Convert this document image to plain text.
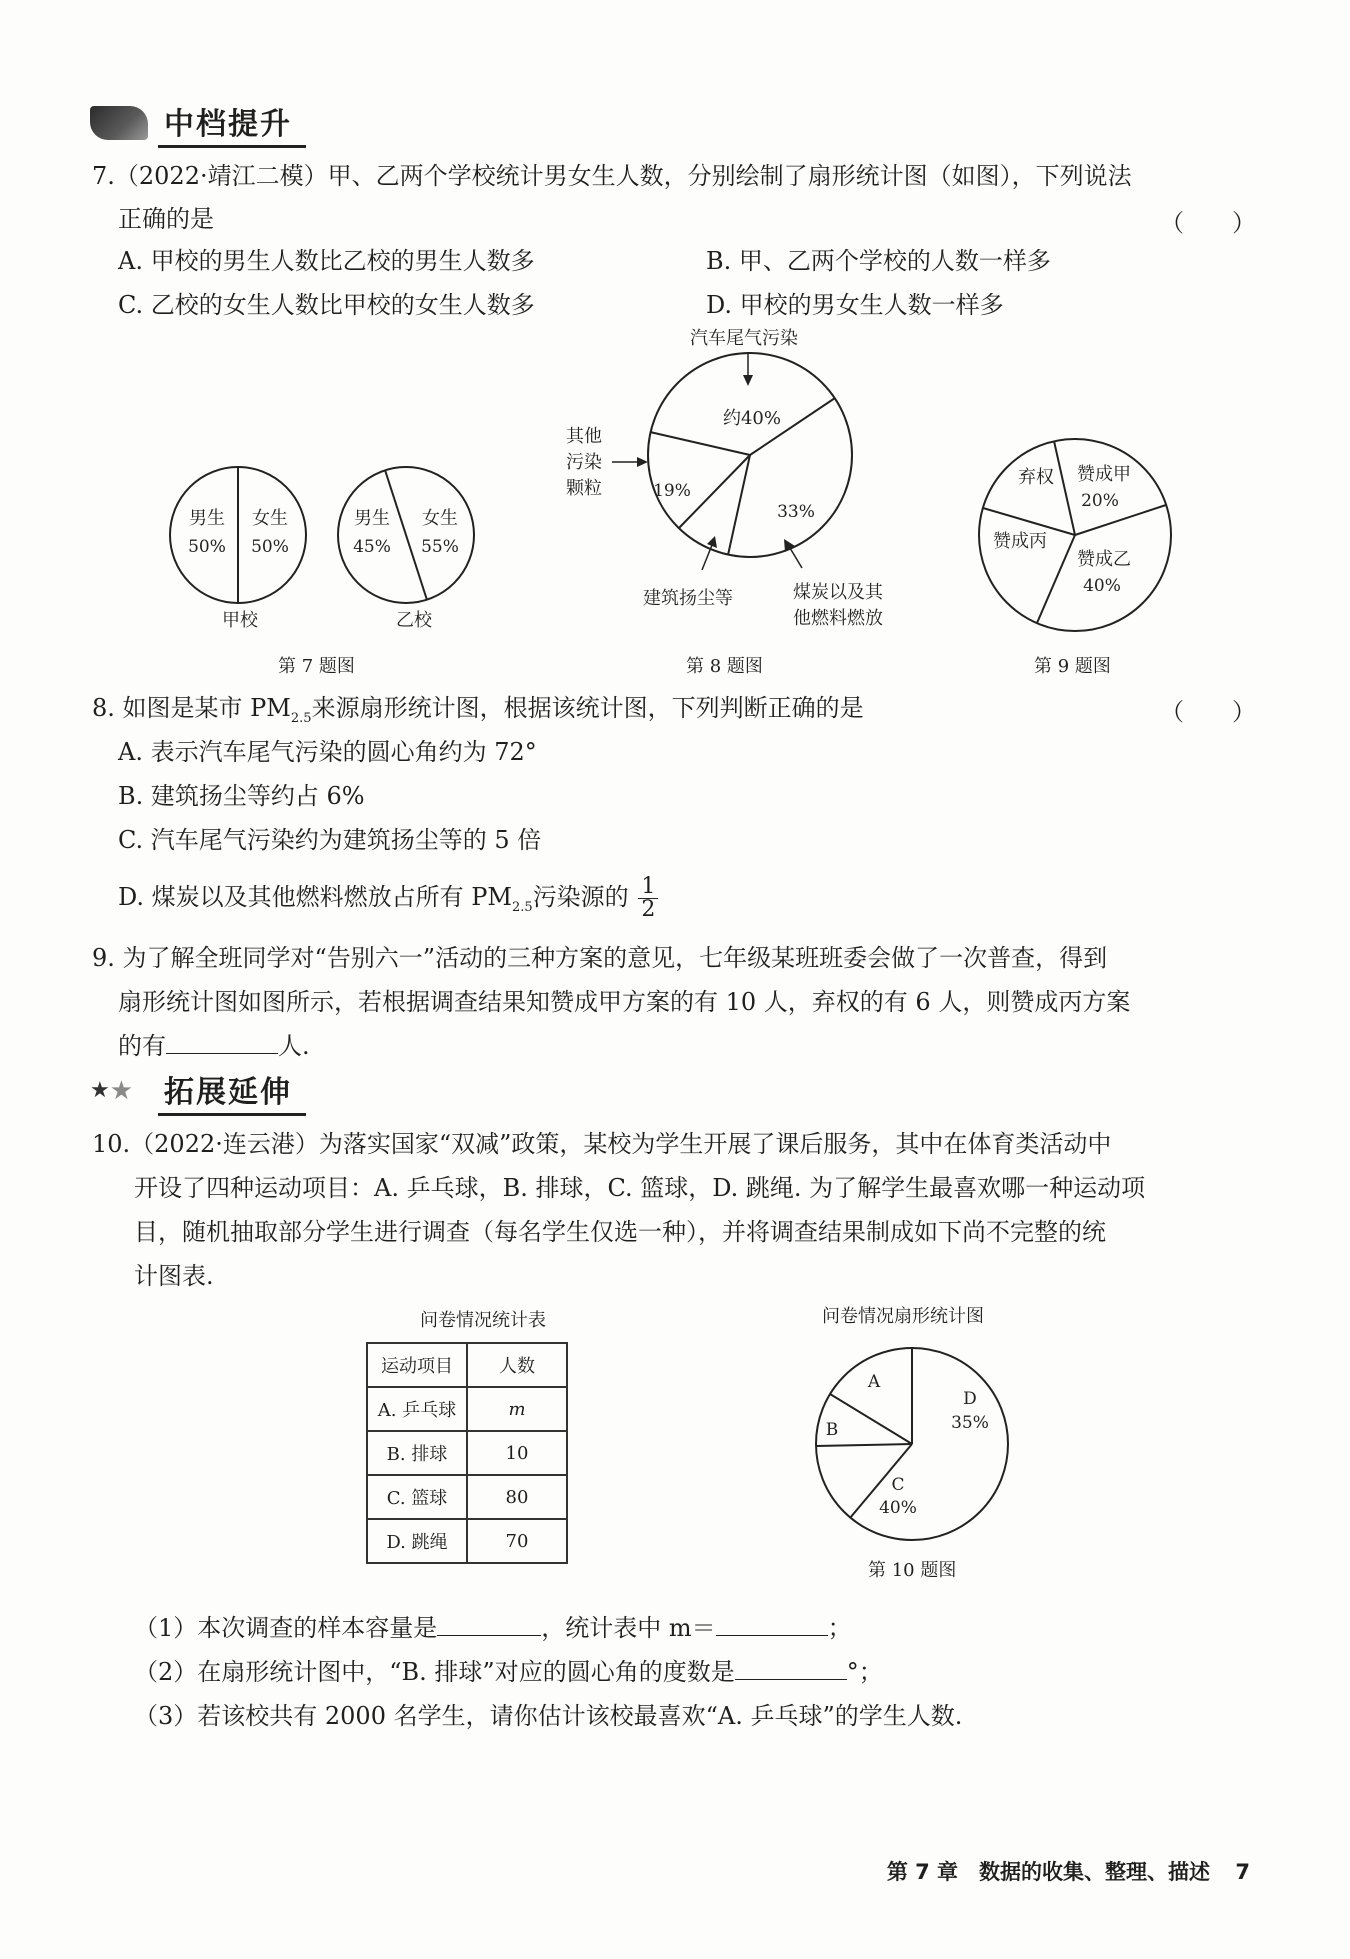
中档提升
7.（2022·靖江二模）甲、乙两个学校统计男女生人数，分别绘制了扇形统计图（如图），下列说法
正确的是	（　　）
A. 甲校的男生人数比乙校的男生人数多	B. 甲、乙两个学校的人数一样多
C. 乙校的女生人数比甲校的女生人数多	D. 甲校的男女生人数一样多
男生
50%
女生
50%
甲校
男生
45%
女生
55%
乙校
汽车尾气污染
约40%
其他
污染
颗粒	19%
33%
建筑扬尘等	煤炭以及其
他燃料燃放
弃权 赞成甲
20%
赞成丙
赞成乙
40%
第 7 题图	第 8 题图	第 9 题图
8. 如图是某市 $PM_{2.5}$来源扇形统计图，根据该统计图，下列判断正确的是	（　　）
A. 表示汽车尾气污染的圆心角约为 72°
B. 建筑扬尘等约占 6%
C. 汽车尾气污染约为建筑扬尘等的 5 倍
D. 煤炭以及其他燃料燃放占所有 $PM_{2.5}$污染源的 $\frac{1}{2}$
9. 为了解全班同学对“告别六一”活动的三种方案的意见，七年级某班班委会做了一次普查，得到
扇形统计图如图所示，若根据调查结果知赞成甲方案的有 10 人，弃权的有 6 人，则赞成丙方案
的有	人.
★ ★ 拓展延伸
10.（2022·连云港）为落实国家“双减”政策，某校为学生开展了课后服务，其中在体育类活动中
开设了四种运动项目：A. 乒乓球，B. 排球，C. 篮球，D. 跳绳. 为了解学生最喜欢哪一种运动项
目，随机抽取部分学生进行调查（每名学生仅选一种），并将调查结果制成如下尚不完整的统
计图表.
问卷情况统计表
运动项目	人数
A. 乒乓球	m
B. 排球	10
C. 篮球	80
D. 跳绳	70
问卷情况扇形统计图
A
B
C
40%
D
35%
第 10 题图
（1）本次调查的样本容量是	，统计表中 m＝	；
（2）在扇形统计图中，“B. 排球”对应的圆心角的度数是	°；
（3）若该校共有 2000 名学生，请你估计该校最喜欢“A. 乒乓球”的学生人数.
第 7 章　数据的收集、整理、描述 7
